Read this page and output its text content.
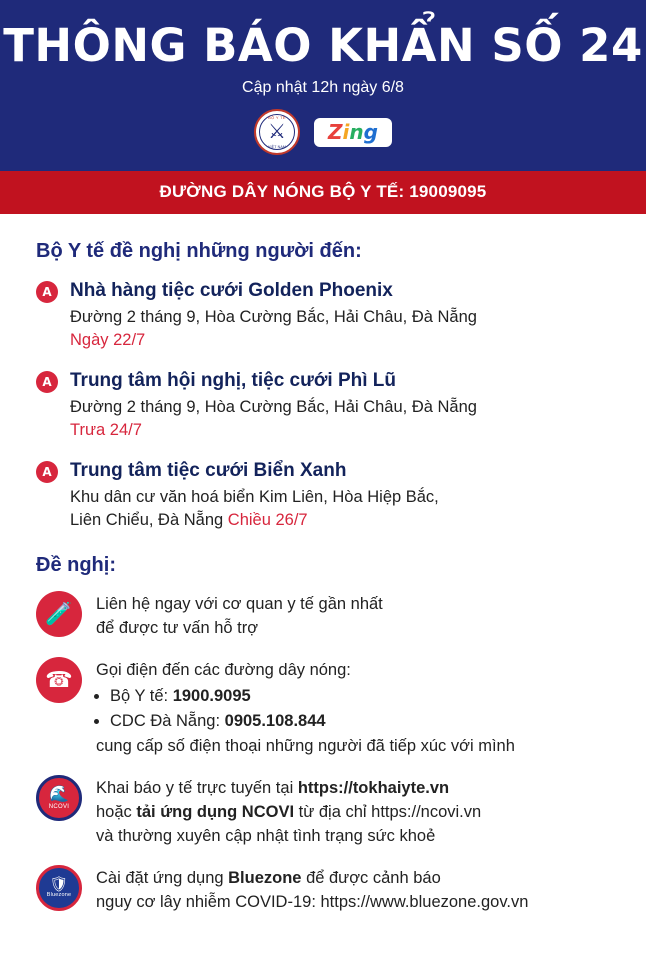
THÔNG BÁO KHẨN SỐ 24
Cập nhật 12h ngày 6/8
BỘ Y TẾ
⚔
VIỆT NAM
Zing
ĐƯỜNG DÂY NÓNG BỘ Y TẾ: 19009095
Bộ Y tế đề nghị những người đến:
A Nhà hàng tiệc cưới Golden Phoenix

Đường 2 tháng 9, Hòa Cường Bắc, Hải Châu, Đà Nẵng

Ngày 22/7

A Trung tâm hội nghị, tiệc cưới Phì Lũ

Đường 2 tháng 9, Hòa Cường Bắc, Hải Châu, Đà Nẵng

Trưa 24/7

A Trung tâm tiệc cưới Biển Xanh

Khu dân cư văn hoá biển Kim Liên, Hòa Hiệp Bắc,

Liên Chiểu, Đà Nẵng Chiều 26/7

Đề nghị:
🧪 Liên hệ ngay với cơ quan y tế gần nhất
để được tư vấn hỗ trợ
☎ Gọi điện đến các đường dây nóng:
• Bộ Y tế: 1900.9095
• CDC Đà Nẵng: 0905.108.844
cung cấp số điện thoại những người đã tiếp xúc với mình
🌊
NCOVI
Khai báo y tế trực tuyến tại https://tokhaiyte.vn
hoặc tải ứng dụng NCOVI từ địa chỉ https://ncovi.vn
và thường xuyên cập nhật tình trạng sức khoẻ
🛡
Bluezone
Cài đặt ứng dụng Bluezone để được cảnh báo
nguy cơ lây nhiễm COVID-19: https://www.bluezone.gov.vn
